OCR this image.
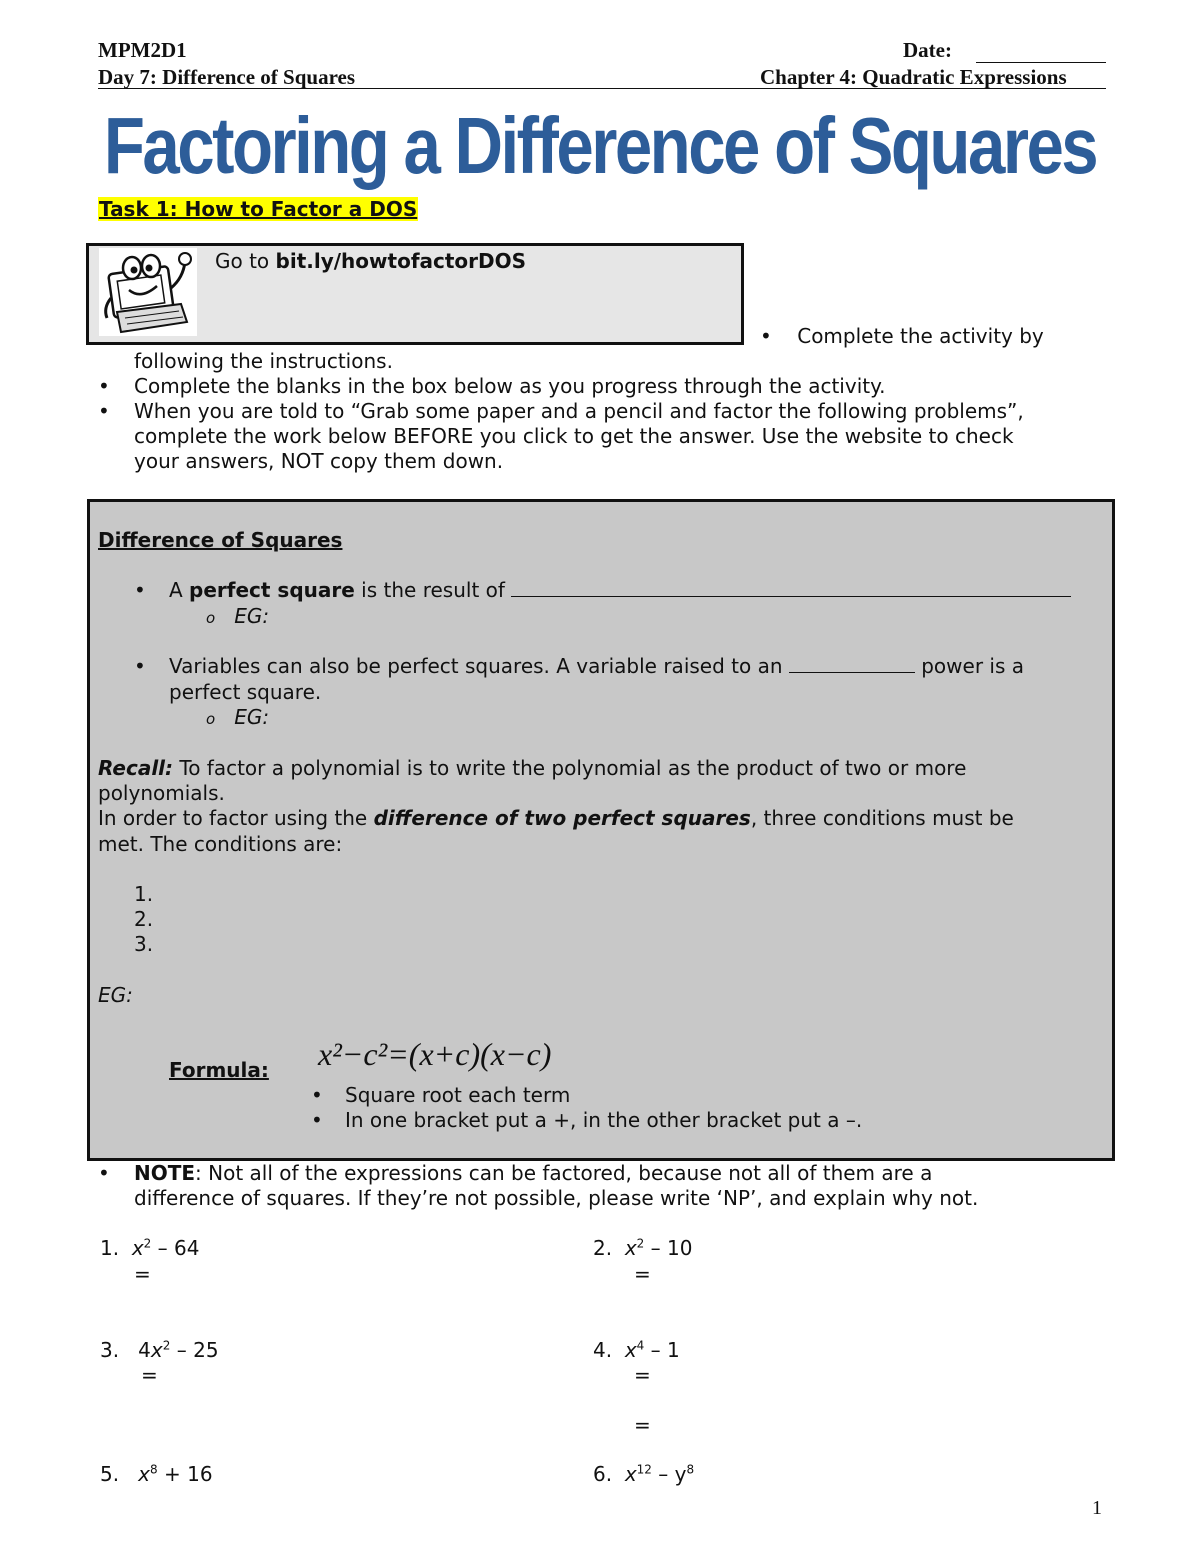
MPM2D1	Date:
Day 7: Difference of Squares	Chapter 4: Quadratic Expressions
Factoring a Difference of Squares
Task 1: How to Factor a DOS
Go to bit.ly/howtofactorDOS
•    Complete the activity by
following the instructions.
• Complete the blanks in the box below as you progress through the activity.
• When you are told to “Grab some paper and a pencil and factor the following problems”,
complete the work below BEFORE you click to get the answer. Use the website to check
your answers, NOT copy them down.
Difference of Squares
• A perfect square is the result of
o EG:
• Variables can also be perfect squares. A variable raised to an	power is a
perfect square.
o EG:
Recall: To factor a polynomial is to write the polynomial as the product of two or more
polynomials.
In order to factor using the difference of two perfect squares, three conditions must be
met. The conditions are:
1.
2.
3.
EG:
Formula: x²−c²=(x+c)(x−c)
• Square root each term
• In one bracket put a +, in the other bracket put a –.
• NOTE: Not all of the expressions can be factored, because not all of them are a
difference of squares. If they’re not possible, please write ‘NP’, and explain why not.
1. $x^2 - 64$
=
2. $x^2 - 10$
=
3. $4x^2 - 25$
=
4. $x^4 - 1$
=
=
5. $x^8 + 16$	6. $x^{12} - y^8$
1
